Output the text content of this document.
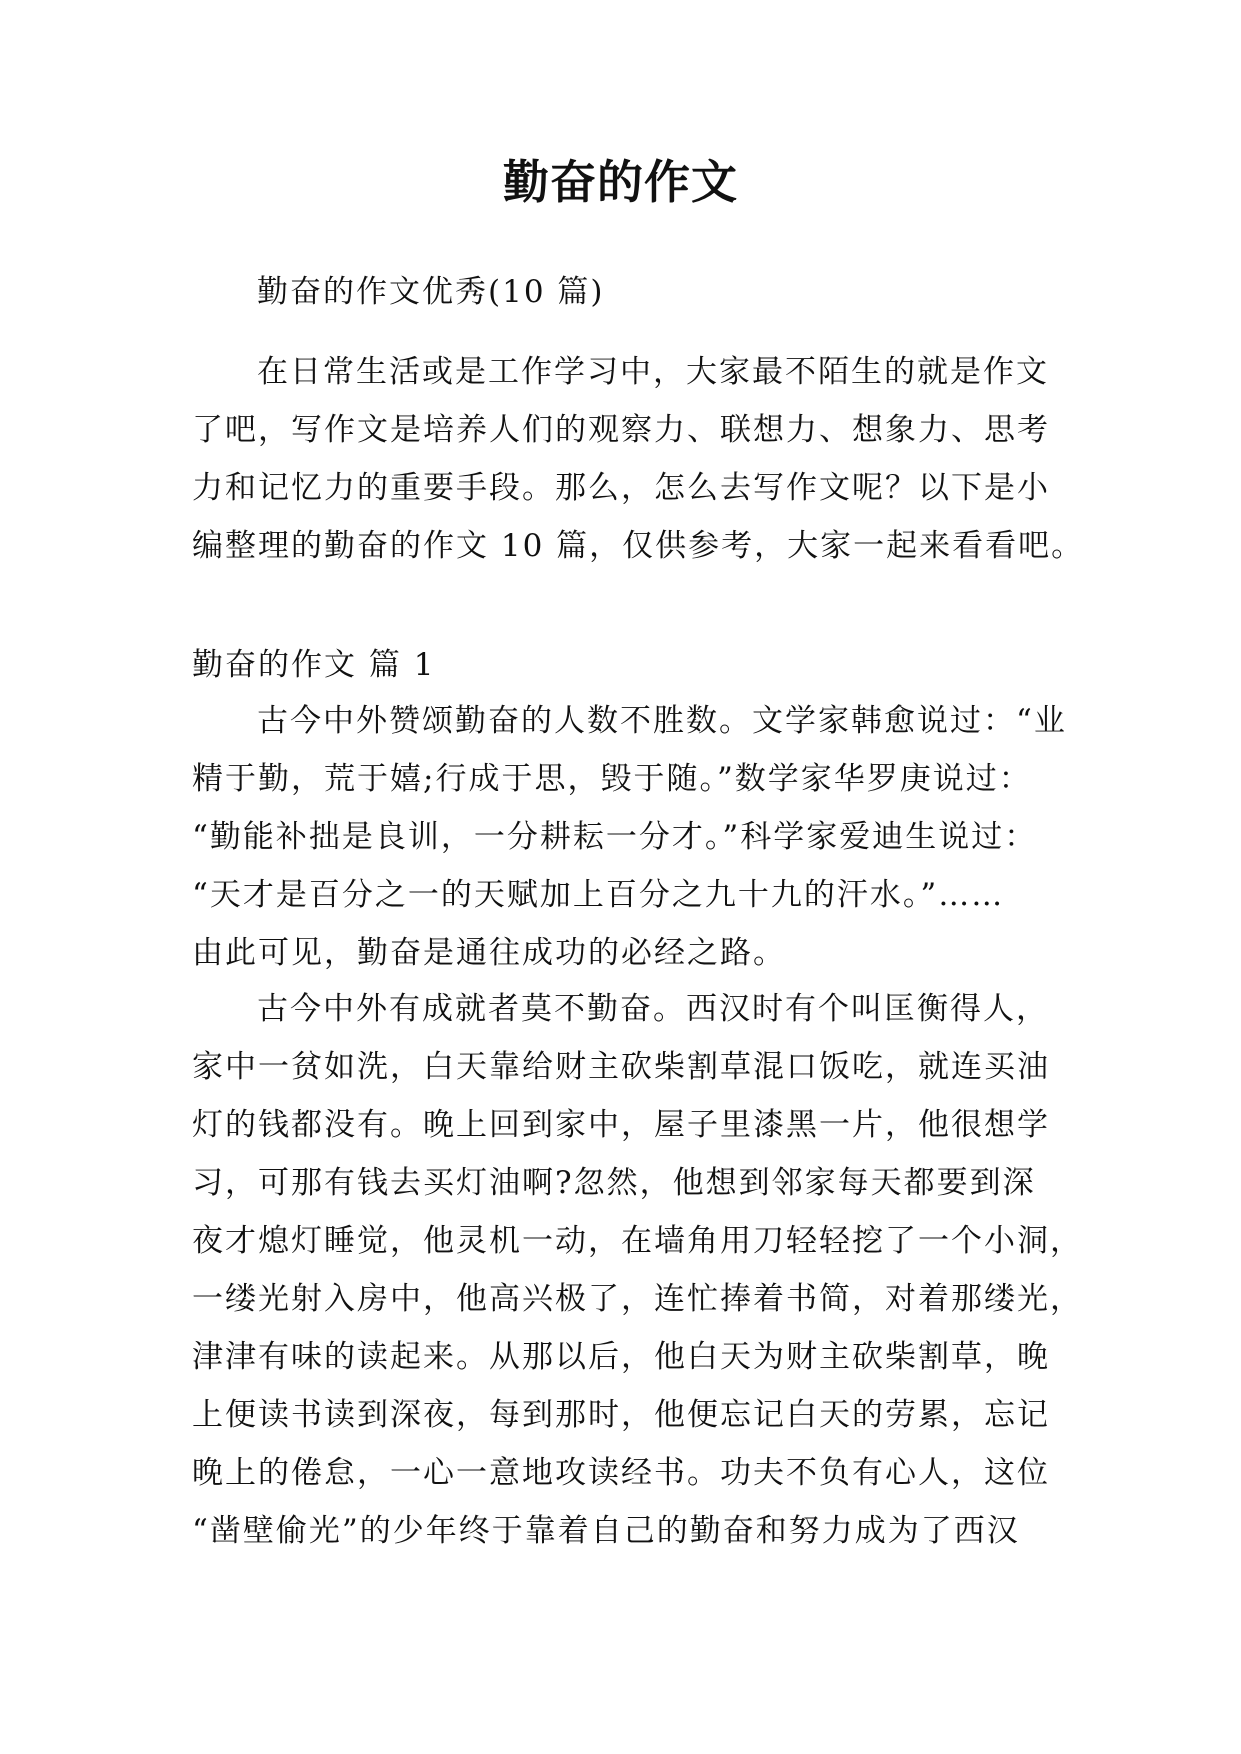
勤奋的作文
勤奋的作文优秀(10 篇)
在日常生活或是工作学习中，大家最不陌生的就是作文
了吧，写作文是培养人们的观察力、联想力、想象力、思考
力和记忆力的重要手段。那么，怎么去写作文呢？以下是小
编整理的勤奋的作文 10 篇，仅供参考，大家一起来看看吧。
勤奋的作文 篇 1
古今中外赞颂勤奋的人数不胜数。文学家韩愈说过：“业
精于勤，荒于嬉;行成于思，毁于随。”数学家华罗庚说过：
“勤能补拙是良训，一分耕耘一分才。”科学家爱迪生说过：
“天才是百分之一的天赋加上百分之九十九的汗水。”……
由此可见，勤奋是通往成功的必经之路。
古今中外有成就者莫不勤奋。西汉时有个叫匡衡得人，
家中一贫如洗，白天靠给财主砍柴割草混口饭吃，就连买油
灯的钱都没有。晚上回到家中，屋子里漆黑一片，他很想学
习，可那有钱去买灯油啊?忽然，他想到邻家每天都要到深
夜才熄灯睡觉，他灵机一动，在墙角用刀轻轻挖了一个小洞，
一缕光射入房中，他高兴极了，连忙捧着书简，对着那缕光，
津津有味的读起来。从那以后，他白天为财主砍柴割草，晚
上便读书读到深夜，每到那时，他便忘记白天的劳累，忘记
晚上的倦怠，一心一意地攻读经书。功夫不负有心人，这位
“凿壁偷光”的少年终于靠着自己的勤奋和努力成为了西汉
